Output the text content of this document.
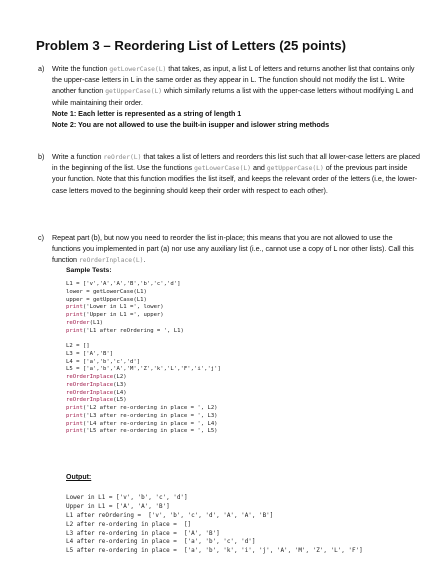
Problem 3 – Reordering List of Letters (25 points)
a) Write the function getLowerCase(L) that takes, as input, a list L of letters and returns another list that contains only the upper-case letters in L in the same order as they appear in L. The function should not modify the list L. Write another function getUpperCase(L) which similarly returns a list with the upper-case letters without modifying L and while maintaining their order.

Note 1: Each letter is represented as a string of length 1

Note 2: You are not allowed to use the built-in isupper and islower string methods

b) Write a function reOrder(L) that takes a list of letters and reorders this list such that all lower-case letters are placed in the beginning of the list. Use the functions getLowerCase(L) and getUpperCase(L) of the previous part inside your function. Note that this function modifies the list itself, and keeps the relevant order of the letters (i.e, the lower-case letters moved to the beginning should keep their order with respect to each other).

c) Repeat part (b), but now you need to reorder the list in-place; this means that you are not allowed to use the functions you implemented in part (a) nor use any auxiliary list (i.e., cannot use a copy of L nor other lists). Call this function reOrderInplace(L).

Sample Tests:
L1 = ['v','A','A','B','b','c','d']
lower = getLowerCase(L1)
upper = getUpperCase(L1)
print('Lower in L1 =', lower)
print('Upper in L1 =', upper)
reOrder(L1)
print('L1 after reOrdering = ', L1)

L2 = []
L3 = ['A','B']
L4 = ['a','b','c','d']
L5 = ['a','b','A','M','Z','k','L','F','i','j']
reOrderInplace(L2)
reOrderInplace(L3)
reOrderInplace(L4)
reOrderInplace(L5)
print('L2 after re-ordering in place = ', L2)
print('L3 after re-ordering in place = ', L3)
print('L4 after re-ordering in place = ', L4)
print('L5 after re-ordering in place = ', L5)
Output:
Lower in L1 = ['v', 'b', 'c', 'd']
Upper in L1 = ['A', 'A', 'B']
L1 after reOrdering =  ['v', 'b', 'c', 'd', 'A', 'A', 'B']
L2 after re-ordering in place =  []
L3 after re-ordering in place =  ['A', 'B']
L4 after re-ordering in place =  ['a', 'b', 'c', 'd']
L5 after re-ordering in place =  ['a', 'b', 'k', 'i', 'j', 'A', 'M', 'Z', 'L', 'F']
